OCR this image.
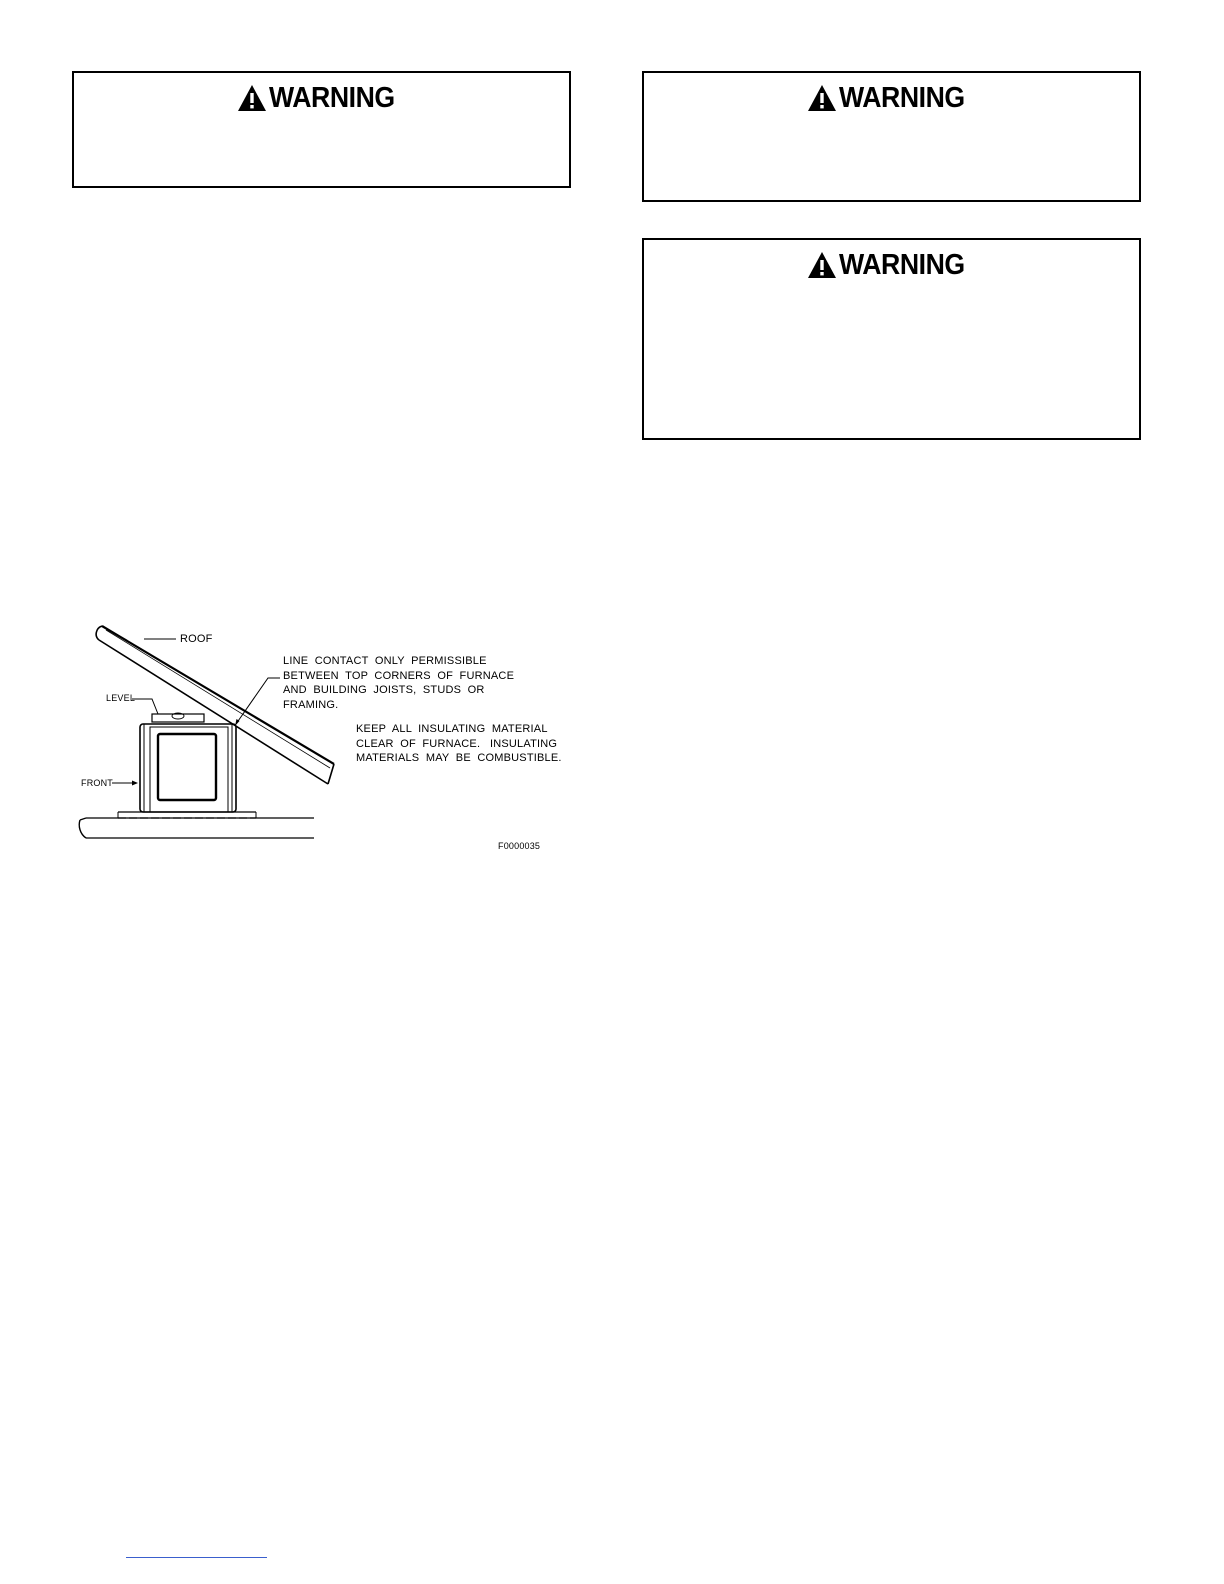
WARNING	WARNING
WARNING
ROOF
LEVEL
FRONT
LINE  CONTACT  ONLY  PERMISSIBLE
BETWEEN  TOP  CORNERS  OF  FURNACE
AND  BUILDING  JOISTS,  STUDS  OR
FRAMING.
KEEP  ALL  INSULATING  MATERIAL
CLEAR  OF  FURNACE.   INSULATING
MATERIALS  MAY  BE  COMBUSTIBLE.
F0000035
